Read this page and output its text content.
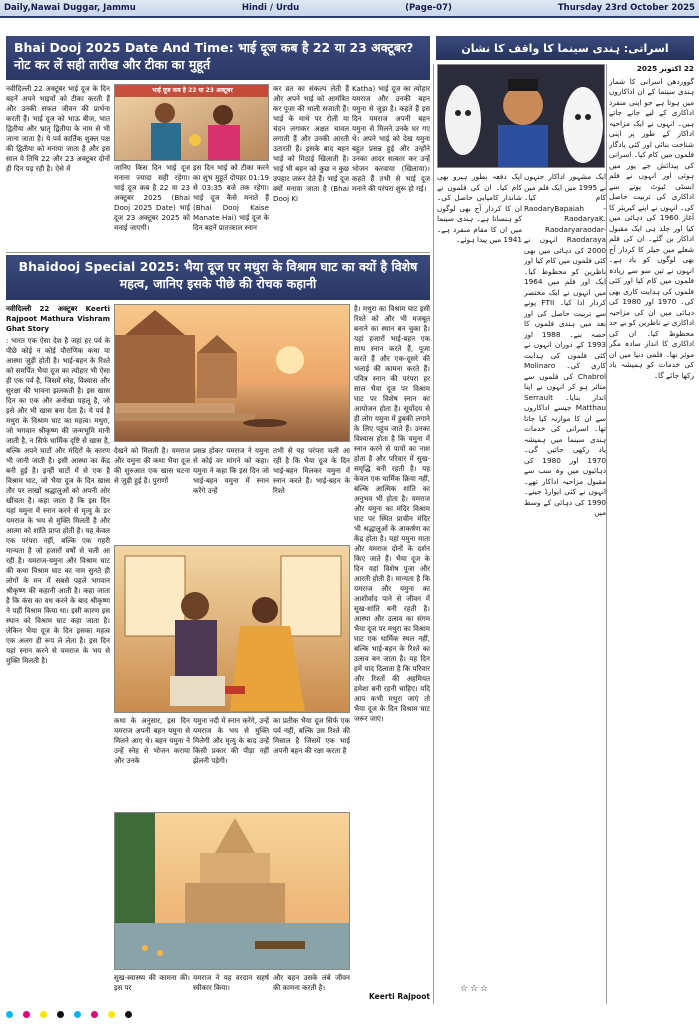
Daily,Nawai Duggar, Jammu	Hindi / Urdu	(Page-07)	Thursday 23rd October 2025
Bhai Dooj 2025 Date And Time: भाई दूज कब है 22 या 23 अक्टूबर? नोट कर लें सही तारीख और टीका का मुहूर्त
नवीदिल्ली 22 अक्टूबर भाई दूज के दिन बहनें अपने भाइयों को टीका करती हैं और उनकी सफल जीवन की प्रार्थना करती हैं। भाई दूज को भाऊ बीज, भात द्वितीया और भ्रातृ द्वितीया के नाम से भी जाना जाता है। ये पर्व कार्तिक शुक्ल पक्ष की द्वितीया को मनाया जाता है और इस साल ये तिथि 22 और 23 अक्टूबर दोनों ही दिन पड़ रही है। ऐसे में
भाई दूज कब है 22 या 23 अक्टूबर
जानिए किस दिन भाई दूज मनाना ज्यादा सही रहेगा। भाई दूज कब है 22 या 23 अक्टूबर 2025 (Bhai Dooj 2025 Date) भाई दूज 23 अक्टूबर 2025 को मनाई जाएगी।
इस दिन भाई को टीका करने का शुभ मुहूर्त दोपहर 01:19 से 03:35 बजे तक रहेगा। भाई दूज कैसे मनाते हैं (Bhai Dooj Kaise Manate Hai) भाई दूज के दिन बहनें प्रातःकाल स्नान
कर व्रत का संकल्प लेती हैं और अपने भाई को आमंत्रित कर पूजा की थाली सजाती हैं। भाई के माथे पर रोली या चंदन लगाकर अक्षत चावल लगाती हैं और उनकी आरती उतारती हैं। इसके बाद बहन भाई को मिठाई खिलाती है। भाई भी बहन को कुछ न कुछ उपहार जरूर देते हैं। भाई दूज क्यों मनाया जाता है (Bhai Dooj Ki
Katha) भाई दूज का त्योहार यमराज और उनकी बहन यमुना से जुड़ा है। कहते हैं इस दिन यमराज अपनी बहन यमुना से मिलने उनके घर गए थे। अपने भाई को देख यमुना बहुत प्रसन्न हुई और उन्होंने उनका आदर सत्कार कर उन्हें भोजन करवाया (खिलाया)। कहते हैं तभी से भाई दूज मनाने की परंपरा शुरू हो गई।
Bhaidooj Special 2025: भैया दूज पर मथुरा के विश्राम घाट का क्यों है विशेष महत्व, जानिए इसके पीछे की रोचक कहानी

नवीदिल्ली 22 अक्टूबर Keerti Rajpoot Mathura Vishram Ghat Story

: भारत एक ऐसा देश है जहां हर पर्व के पीछे कोई न कोई पौराणिक कथा या आस्था जुड़ी होती है। भाई-बहन के रिश्ते को समर्पित भैया दूज का त्योहार भी ऐसा ही एक पर्व है, जिसमें स्नेह, विश्वास और सुरक्षा की भावना झलकती है। इस खास दिन का एक और अनोखा पहलू है, जो इसे और भी खास बना देता है। ये पर्व है मथुरा के विश्राम घाट का महत्व। मथुरा, जो भगवान श्रीकृष्ण की जन्मभूमि मानी जाती है, न सिर्फ धार्मिक दृष्टि से खास है, बल्कि अपने घाटों और मंदिरों के कारण भी जानी जाती है। इसी आस्था का केंद्र बनी हुई है। इन्हीं घाटों में से एक है विश्राम घाट, जो भैया दूज के दिन खास तौर पर लाखों श्रद्धालुओं को अपनी ओर खींचता है। कहा जाता है कि इस दिन यहां यमुना में स्नान करने से मृत्यु के डर यमराज के भय से मुक्ति मिलती है और आत्मा को शांति प्राप्त होती है। यह केवल एक परंपरा नहीं, बल्कि एक गहरी मान्यता है जो हजारों वर्षों से चली आ रही है। यमराज-यमुना और विश्राम घाट की कथा विश्राम घाट का नाम सुनते ही लोगों के मन में सबसे पहले भगवान श्रीकृष्ण की कहानी आती है। कहा जाता है कि कंस का वध करने के बाद श्रीकृष्ण ने यहीं विश्राम किया था। इसी कारण इस स्थान को विश्राम घाट कहा जाता है। लेकिन भैया दूज के दिन इसका महत्व एक अलग ही रूप ले लेता है। इस दिन यहां स्नान करने से यमराज के भय से मुक्ति मिलती है।

देखने को मिलती है। यमराज और यमुना की कथा भैया दूज की शुरुआत एक खास घटना से जुड़ी हुई है। पुराणों
प्रसन्न होकर यमराज ने यमुना से कोई वर मांगने को कहा। यमुना ने कहा कि इस दिन जो भाई-बहन यमुना में स्नान करेंगे उन्हें
तभी से यह परंपरा चली आ रही है कि भैया दूज के दिन भाई-बहन मिलकर यमुना में स्नान करते हैं। भाई-बहन के रिश्ते
कथा के अनुसार, इस दिन यमराज अपनी बहन यमुना से मिलने आए थे। बहन यमुना ने उन्हें स्नेह से भोजन कराया और उनके
यमुना नदी में स्नान करेंगे, उन्हें यमराज के भय से मुक्ति मिलेगी और मृत्यु के बाद उन्हें किसी प्रकार की पीड़ा नहीं झेलनी पड़ेगी।
का प्रतीक भैया दूज सिर्फ एक पर्व नहीं, बल्कि उस रिश्ते की मिसाल है जिसमें एक भाई अपनी बहन की रक्षा करता है
सुख-स्वास्थ्य की कामना की। इस पर
यमराज ने यह वरदान सहर्ष स्वीकार किया।
और बहन उसके लंबे जीवन की कामना करती है।
है। मथुरा का विश्राम घाट इसी रिश्ते को और भी मजबूत बनाने का स्थान बन चुका है। यहां हजारों भाई-बहन एक साथ स्नान करते हैं, पूजा करते हैं और एक-दूसरे की भलाई की कामना करते हैं। पवित्र स्नान की परंपरा हर साल भैया दूज पर विश्राम घाट पर विशेष स्नान का आयोजन होता है। सूर्योदय से ही लोग यमुना में डुबकी लगाने के लिए पहुंच जाते हैं। उनका विश्वास होता है कि यमुना में स्नान करने से पापों का नाश होता है और परिवार में सुख-समृद्धि बनी रहती है। यह केवल एक धार्मिक क्रिया नहीं, बल्कि आत्मिक शांति का अनुभव भी होता है। यमराज और यमुना का मंदिर विश्राम घाट पर स्थित प्राचीन मंदिर भी श्रद्धालुओं के आकर्षण का केंद्र होता है। यहां यमुना माता और यमराज दोनों के दर्शन किए जाते हैं। भैया दूज के दिन यहां विशेष पूजा और आरती होती है। मान्यता है कि यमराज और यमुना का आशीर्वाद पाने से जीवन में सुख-शांति बनी रहती है। आस्था और उत्सव का संगम भैया दूज पर मथुरा का विश्राम घाट एक धार्मिक स्थल नहीं, बल्कि भाई-बहन के रिश्ते का उत्सव बन जाता है। यह दिन हमें याद दिलाता है कि परिवार और रिश्तों की अहमियत हमेशा बनी रहनी चाहिए। यदि आप कभी मथुरा जाएं तो भैया दूज के दिन विश्राम घाट जरूर जाएं।
Keerti Rajpoot
اسراتی: ہندی سینما کا واقف کا نشان

22 اکتوبر 2025

گووردھن اسرانی کا شمار ہندی سینما کے ان اداکاروں میں ہوتا ہے جو اپنی منفرد اداکاری کے لیے جانے جاتے ہیں۔ انہوں نے ایک مزاحیہ اداکار کے طور پر اپنی شناخت بنائی اور کئی یادگار فلموں میں کام کیا۔ اسرانی کی پیدائش جے پور میں ہوئی اور انہوں نے فلم انسٹی ٹیوٹ پونے سے اداکاری کی تربیت حاصل کی۔ انہوں نے اپنے کیریئر کا آغاز 1960 کی دہائی میں کیا اور جلد ہی ایک مقبول اداکار بن گئے۔ ان کی فلم شعلے میں جیلر کا کردار آج بھی لوگوں کو یاد ہے۔ انہوں نے تین سو سے زیادہ فلموں میں کام کیا اور کئی فلموں کی ہدایت کاری بھی کی۔ 1970 اور 1980 کی دہائی میں ان کی مزاحیہ اداکاری نے ناظرین کو بے حد محظوظ کیا۔ ان کی اداکاری کا انداز سادہ مگر موثر تھا۔ فلمی دنیا میں ان کی خدمات کو ہمیشہ یاد رکھا جائے گا۔

ایک دفعہ بطور ہیرو بھی کام کیا۔ ان کی فلموں نے شاندار کامیابی حاصل کی۔ ان کا کردار آج بھی لوگوں کو ہنساتا ہے۔ ہندی سینما میں ان کا مقام منفرد ہے۔ 1941 میں پیدا ہوئے۔
ایک مشہور اداکار جنہوں نے 1995 میں ایک فلم میں کام کیا۔ RaodaryBapaiah - RaodaryaK. Raodaryaraodar-Raodaraya انہوں نے 2000 کی دہائی میں بھی کئی فلموں میں کام کیا اور ناظرین کو محظوظ کیا۔ ایک اور فلم میں 1964 میں انہوں نے ایک مختصر کردار ادا کیا۔ FTII پونے سے تربیت حاصل کی اور بعد میں ہندی فلموں کا حصہ بنے۔ 1988 اور 1993 کے دوران انہوں نے کئی فلموں کی ہدایت کاری کی۔ Molinaro Chabrol کی فلموں سے متاثر ہو کر انہوں نے اپنا انداز بنایا۔ Serrault Matthau جیسے اداکاروں سے ان کا موازنہ کیا جاتا تھا۔ اسرانی کی خدمات ہندی سینما میں ہمیشہ یاد رکھی جائیں گی۔ 1970 اور 1980 کی دہائیوں میں وہ سب سے مقبول مزاحیہ اداکار تھے۔ انہوں نے کئی ایوارڈ جیتے۔ 1990 کی دہائی کے وسط میں
☆☆☆
